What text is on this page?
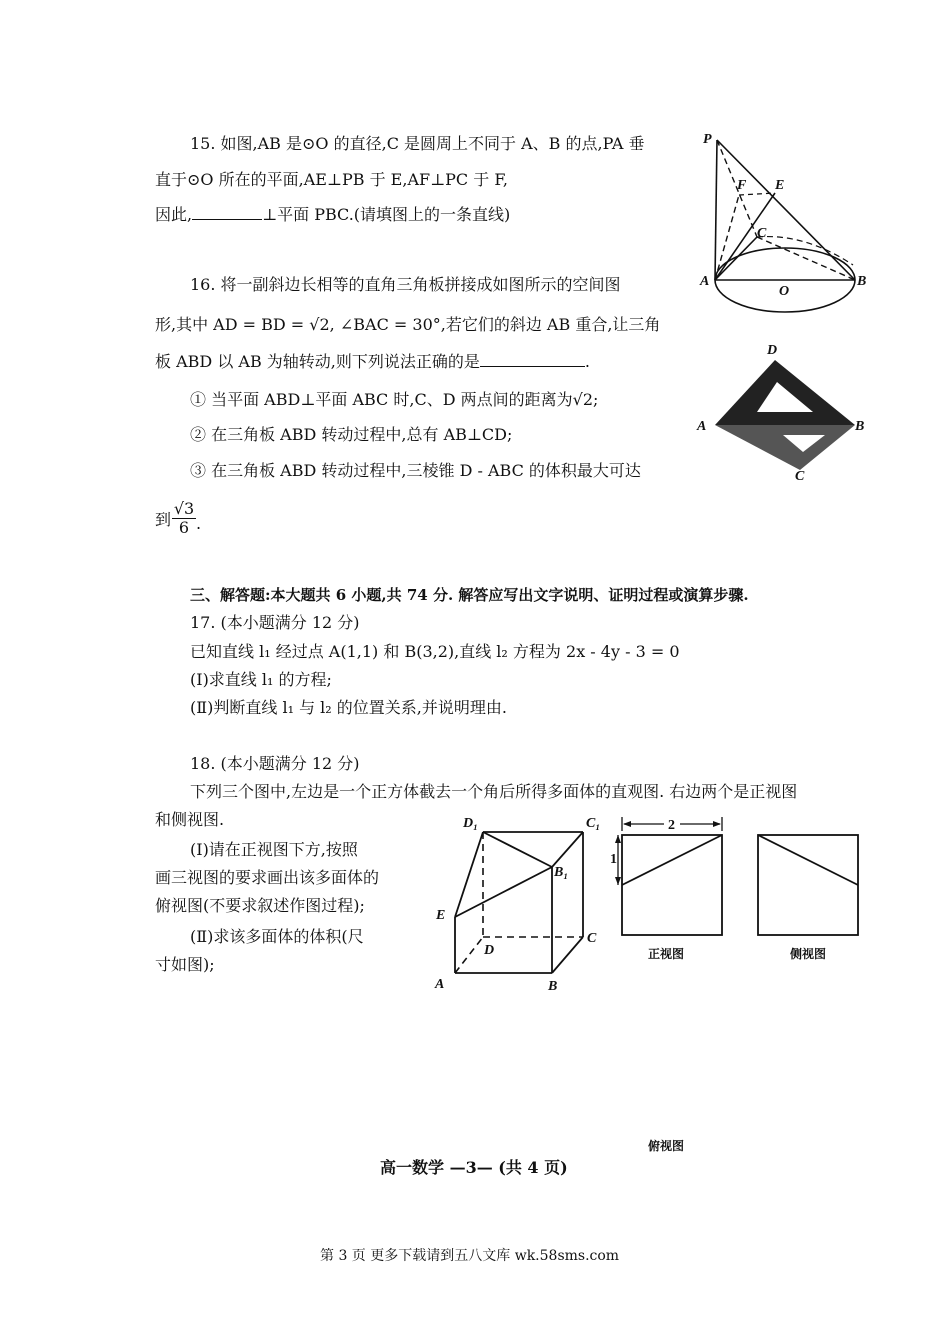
15. 如图,AB 是⊙O 的直径,C 是圆周上不同于 A、B 的点,PA 垂
直于⊙O 所在的平面,AE⊥PB 于 E,AF⊥PC 于 F,
因此,	⊥平面 PBC.(请填图上的一条直线)
P
F E
C
A
O
B
16. 将一副斜边长相等的直角三角板拼接成如图所示的空间图
形,其中 AD = BD = √2, ∠BAC = 30°,若它们的斜边 AB 重合,让三角
板 ABD 以 AB 为轴转动,则下列说法正确的是	.
① 当平面 ABD⊥平面 ABC 时,C、D 两点间的距离为√2;
② 在三角板 ABD 转动过程中,总有 AB⊥CD;
③ 在三角板 ABD 转动过程中,三棱锥 D - ABC 的体积最大可达
到 $\frac{√3}{6}$ .
D
A	B
C
三、解答题:本大题共 6 小题,共 74 分. 解答应写出文字说明、证明过程或演算步骤.
17. (本小题满分 12 分)
已知直线 l₁ 经过点 A(1,1) 和 B(3,2),直线 l₂ 方程为 2x - 4y - 3 = 0
(Ⅰ)求直线 l₁ 的方程;
(Ⅱ)判断直线 l₁ 与 l₂ 的位置关系,并说明理由.
18. (本小题满分 12 分)
下列三个图中,左边是一个正方体截去一个角后所得多面体的直观图. 右边两个是正视图
和侧视图.
(Ⅰ)请在正视图下方,按照
画三视图的要求画出该多面体的
俯视图(不要求叙述作图过程);
(Ⅱ)求该多面体的体积(尺
寸如图);
D₁	C₁
B₁
E
D
C
A	B
2
1
正视图	侧视图
俯视图
高一数学 —3— (共 4 页)
第 3 页 更多下载请到五八文库 wk.58sms.com
